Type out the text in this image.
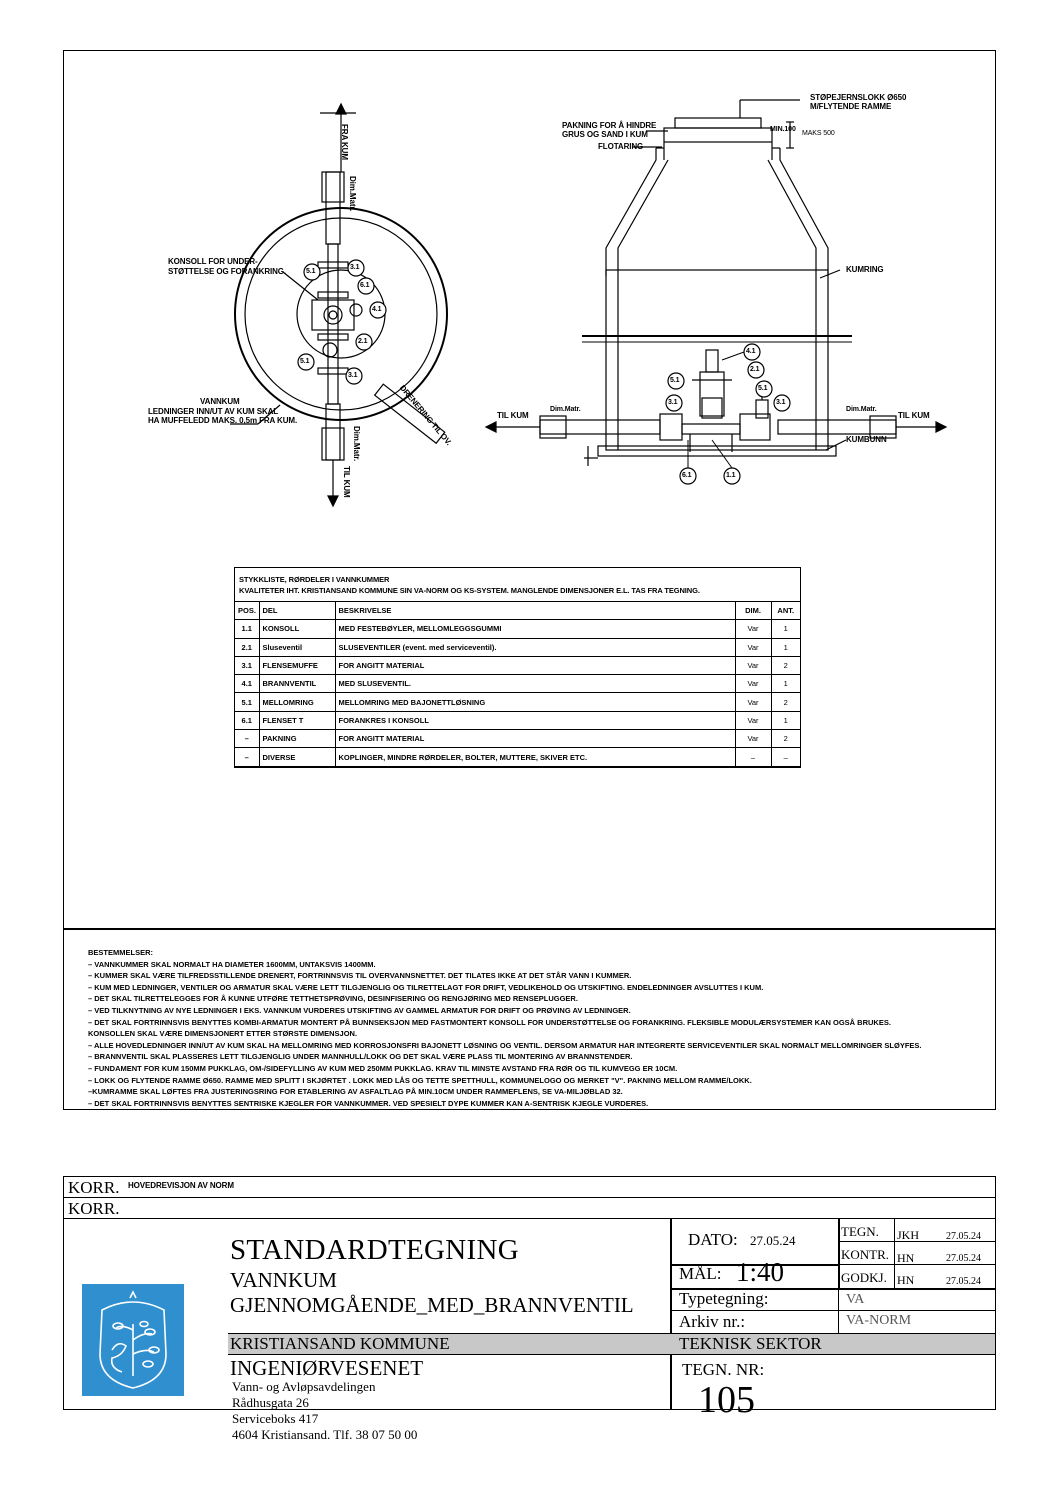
FRA KUM
Dim.Matr.
Dim.Matr.
TIL KUM
KONSOLL FOR UNDER-
STØTTELSE OG FORANKRING.
VANNKUM
LEDNINGER INN/UT AV KUM SKAL
HA MUFFELEDD MAKS. 0,5m FRA KUM.	DRENERING TIL OV.
5.1
3.1
6.1
4.1
5.1
2.1
3.1
STØPEJERNSLOKK Ø650
M/FLYTENDE RAMME
PAKNING FOR Å HINDRE
GRUS OG SAND I KUM
FLOTARING
MIN.100
MAKS 500
KUMRING
KUMBUNN
TIL KUM	TIL KUM
Dim.Matr.	Dim.Matr.
4.1
5.1
2.1
5.1
3.1	3.1
6.1	1.1
STYKKLISTE, RØRDELER I VANNKUMMER
KVALITETER IHT. KRISTIANSAND KOMMUNE SIN VA-NORM OG KS-SYSTEM. MANGLENDE DIMENSJONER E.L. TAS FRA TEGNING.
POS.	DEL	BESKRIVELSE	DIM.	ANT.
1.1	KONSOLL	MED FESTEBØYLER, MELLOMLEGGSGUMMI	Var	1
2.1	Sluseventil	SLUSEVENTILER (event. med serviceventil).	Var	1
3.1	FLENSEMUFFE	FOR ANGITT MATERIAL	Var	2
4.1	BRANNVENTIL	MED SLUSEVENTIL.	Var	1
5.1	MELLOMRING	MELLOMRING MED BAJONETTLØSNING	Var	2
6.1	FLENSET T	FORANKRES I KONSOLL	Var	1
–	PAKNING	FOR ANGITT MATERIAL	Var	2
–	DIVERSE	KOPLINGER, MINDRE RØRDELER, BOLTER, MUTTERE, SKIVER ETC.	–	–
BESTEMMELSER:
– VANNKUMMER SKAL NORMALT HA DIAMETER 1600MM, UNTAKSVIS 1400MM.
– KUMMER SKAL VÆRE TILFREDSSTILLENDE DRENERT, FORTRINNSVIS TIL OVERVANNSNETTET. DET TILATES IKKE AT DET STÅR VANN I KUMMER.
– KUM MED LEDNINGER, VENTILER OG ARMATUR SKAL VÆRE LETT TILGJENGLIG OG TILRETTELAGT FOR DRIFT, VEDLIKEHOLD OG UTSKIFTING. ENDELEDNINGER AVSLUTTES I KUM.
– DET SKAL TILRETTELEGGES FOR Å KUNNE UTFØRE TETTHETSPRØVING, DESINFISERING OG RENGJØRING MED RENSEPLUGGER.
– VED TILKNYTNING AV NYE LEDNINGER I EKS. VANNKUM VURDERES UTSKIFTING AV GAMMEL ARMATUR FOR DRIFT OG PRØVING AV LEDNINGER.
– DET SKAL FORTRINNSVIS BENYTTES KOMBI-ARMATUR MONTERT PÅ BUNNSEKSJON MED FASTMONTERT KONSOLL FOR UNDERSTØTTELSE OG FORANKRING. FLEKSIBLE MODULÆRSYSTEMER KAN OGSÅ BRUKES.
KONSOLLEN SKAL VÆRE DIMENSJONERT ETTER STØRSTE DIMENSJON.
– ALLE HOVEDLEDNINGER INN/UT AV KUM SKAL HA MELLOMRING MED KORROSJONSFRI BAJONETT LØSNING OG VENTIL. DERSOM ARMATUR HAR INTEGRERTE SERVICEVENTILER SKAL NORMALT MELLOMRINGER SLØYFES.
– BRANNVENTIL SKAL PLASSERES LETT TILGJENGLIG UNDER MANNHULL/LOKK OG DET SKAL VÆRE PLASS TIL MONTERING AV BRANNSTENDER.
– FUNDAMENT FOR KUM 150MM PUKKLAG, OM-/SIDEFYLLING AV KUM MED 250MM PUKKLAG. KRAV TIL MINSTE AVSTAND FRA RØR OG TIL KUMVEGG ER 10CM.
– LOKK OG FLYTENDE RAMME Ø650. RAMME MED SPLITT I SKJØRTET . LOKK MED LÅS OG TETTE SPETTHULL, KOMMUNELOGO OG MERKET "V". PAKNING MELLOM RAMME/LOKK.
–KUMRAMME SKAL LØFTES FRA JUSTERINGSRING FOR ETABLERING AV ASFALTLAG PÅ MIN.10CM UNDER RAMMEFLENS, SE VA-MILJØBLAD 32.
– DET SKAL FORTRINNSVIS BENYTTES SENTRISKE KJEGLER FOR VANNKUMMER. VED SPESIELT DYPE KUMMER KAN A-SENTRISK KJEGLE VURDERES.
KORR. HOVEDREVISJON AV NORM
KORR.
STANDARDTEGNING
VANNKUM
GJENNOMGÅENDE_MED_BRANNVENTIL
KRISTIANSAND KOMMUNE
INGENIØRVESENET
DATO: 27.05.24
MÅL: 1:40
Typetegning:	VA
Arkiv nr.:	VA-NORM
TEKNISK SEKTOR
TEGN. NR:
105
TEGN. JKH	27.05.24
KONTR. HN	27.05.24
GODKJ. HN	27.05.24
Vann- og Avløpsavdelingen
Rådhusgata 26
Serviceboks 417
4604 Kristiansand. Tlf. 38 07 50 00
